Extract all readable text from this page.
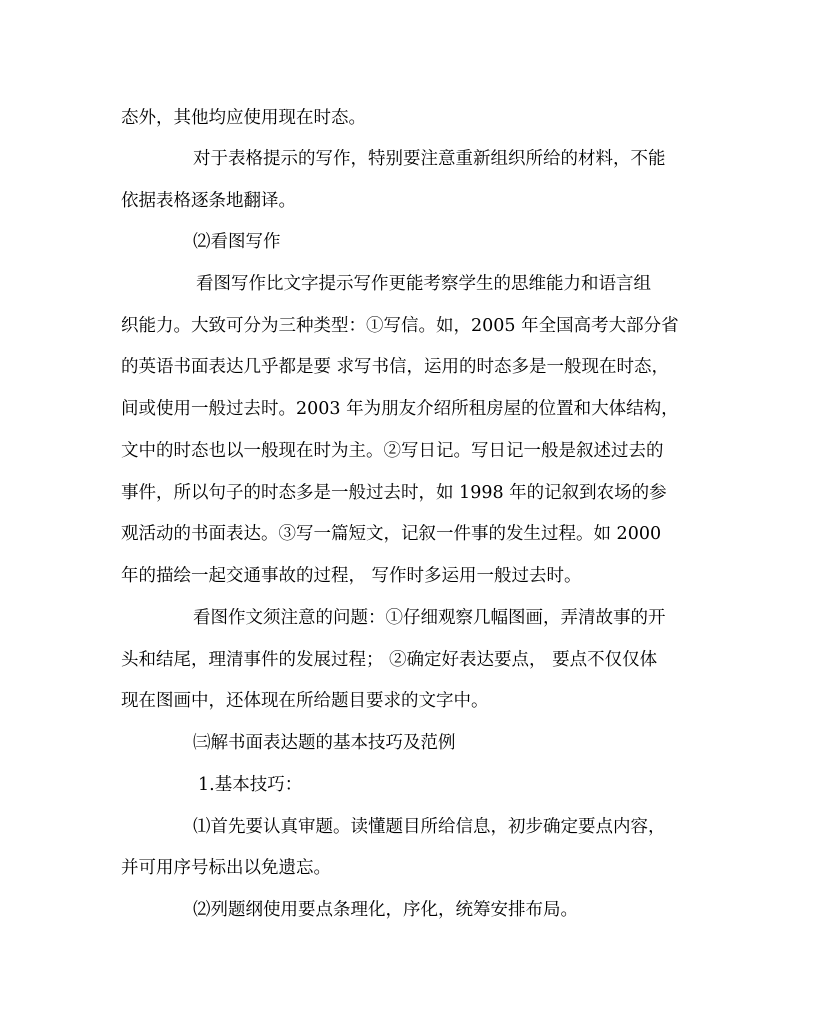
态外，其他均应使用现在时态。
对于表格提示的写作，特别要注意重新组织所给的材料，不能
依据表格逐条地翻译。
⑵看图写作
看图写作比文字提示写作更能考察学生的思维能力和语言组
织能力。大致可分为三种类型：①写信。如，2005 年全国高考大部分省
的英语书面表达几乎都是要 求写书信，运用的时态多是一般现在时态，
间或使用一般过去时。2003 年为朋友介绍所租房屋的位置和大体结构，
文中的时态也以一般现在时为主。②写日记。写日记一般是叙述过去的
事件，所以句子的时态多是一般过去时，如 1998 年的记叙到农场的参
观活动的书面表达。③写一篇短文，记叙一件事的发生过程。如 2000
年的描绘一起交通事故的过程， 写作时多运用一般过去时。
看图作文须注意的问题：①仔细观察几幅图画，弄清故事的开
头和结尾，理清事件的发展过程； ②确定好表达要点， 要点不仅仅体
现在图画中，还体现在所给题目要求的文字中。
㈢解书面表达题的基本技巧及范例
1.基本技巧：
⑴首先要认真审题。读懂题目所给信息，初步确定要点内容，
并可用序号标出以免遗忘。
⑵列题纲使用要点条理化，序化，统筹安排布局。
